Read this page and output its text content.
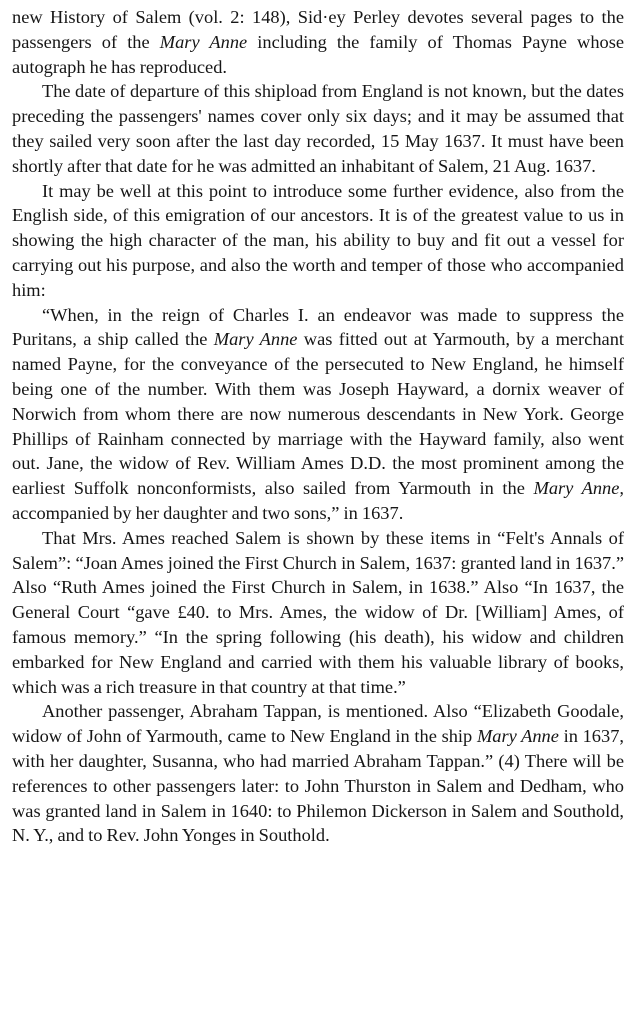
new History of Salem (vol. 2: 148), Sid·ey Perley devotes several pages to the passengers of the Mary Anne including the family of Thomas Payne whose autograph he has reproduced.

The date of departure of this shipload from England is not known, but the dates preceding the passengers' names cover only six days; and it may be assumed that they sailed very soon after the last day recorded, 15 May 1637. It must have been shortly after that date for he was admitted an inhabitant of Salem, 21 Aug. 1637.

It may be well at this point to introduce some further evidence, also from the English side, of this emigration of our ancestors. It is of the greatest value to us in showing the high character of the man, his ability to buy and fit out a vessel for carrying out his purpose, and also the worth and temper of those who accompanied him:

“When, in the reign of Charles I. an endeavor was made to suppress the Puritans, a ship called the Mary Anne was fitted out at Yarmouth, by a merchant named Payne, for the conveyance of the persecuted to New England, he himself being one of the number. With them was Joseph Hayward, a dornix weaver of Norwich from whom there are now numerous descendants in New York. George Phillips of Rainham connected by marriage with the Hayward family, also went out. Jane, the widow of Rev. William Ames D.D. the most prominent among the earliest Suffolk nonconformists, also sailed from Yarmouth in the Mary Anne, accompanied by her daughter and two sons,” in 1637.

That Mrs. Ames reached Salem is shown by these items in “Felt's Annals of Salem”: “Joan Ames joined the First Church in Salem, 1637: granted land in 1637.” Also “Ruth Ames joined the First Church in Salem, in 1638.” Also “In 1637, the General Court “gave £40. to Mrs. Ames, the widow of Dr. [William] Ames, of famous memory.” “In the spring following (his death), his widow and children embarked for New England and carried with them his valuable library of books, which was a rich treasure in that country at that time.”

Another passenger, Abraham Tappan, is mentioned. Also “Elizabeth Goodale, widow of John of Yarmouth, came to New England in the ship Mary Anne in 1637, with her daughter, Susanna, who had married Abraham Tappan.” (4) There will be references to other passengers later: to John Thurston in Salem and Dedham, who was granted land in Salem in 1640: to Philemon Dickerson in Salem and Southold, N. Y., and to Rev. John Yonges in Southold.
